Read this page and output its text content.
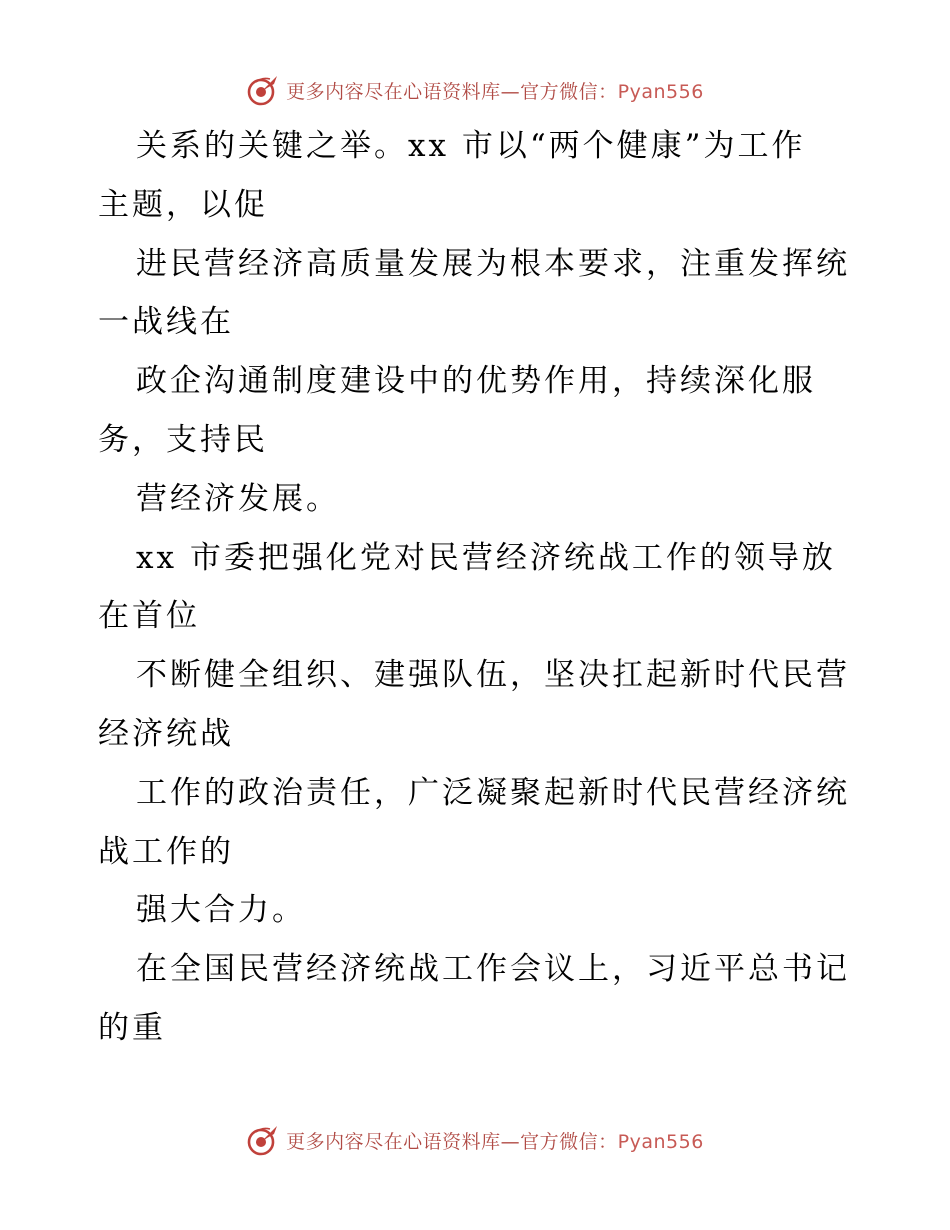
更多内容尽在心语资料库—官方微信：Pyan556
关系的关键之举。xx 市以“两个健康”为工作
主题，以促
进民营经济高质量发展为根本要求，注重发挥统
一战线在
政企沟通制度建设中的优势作用，持续深化服
务，支持民
营经济发展。
xx 市委把强化党对民营经济统战工作的领导放
在首位
不断健全组织、建强队伍，坚决扛起新时代民营
经济统战
工作的政治责任，广泛凝聚起新时代民营经济统
战工作的
强大合力。
在全国民营经济统战工作会议上，习近平总书记
的重
更多内容尽在心语资料库—官方微信：Pyan556
